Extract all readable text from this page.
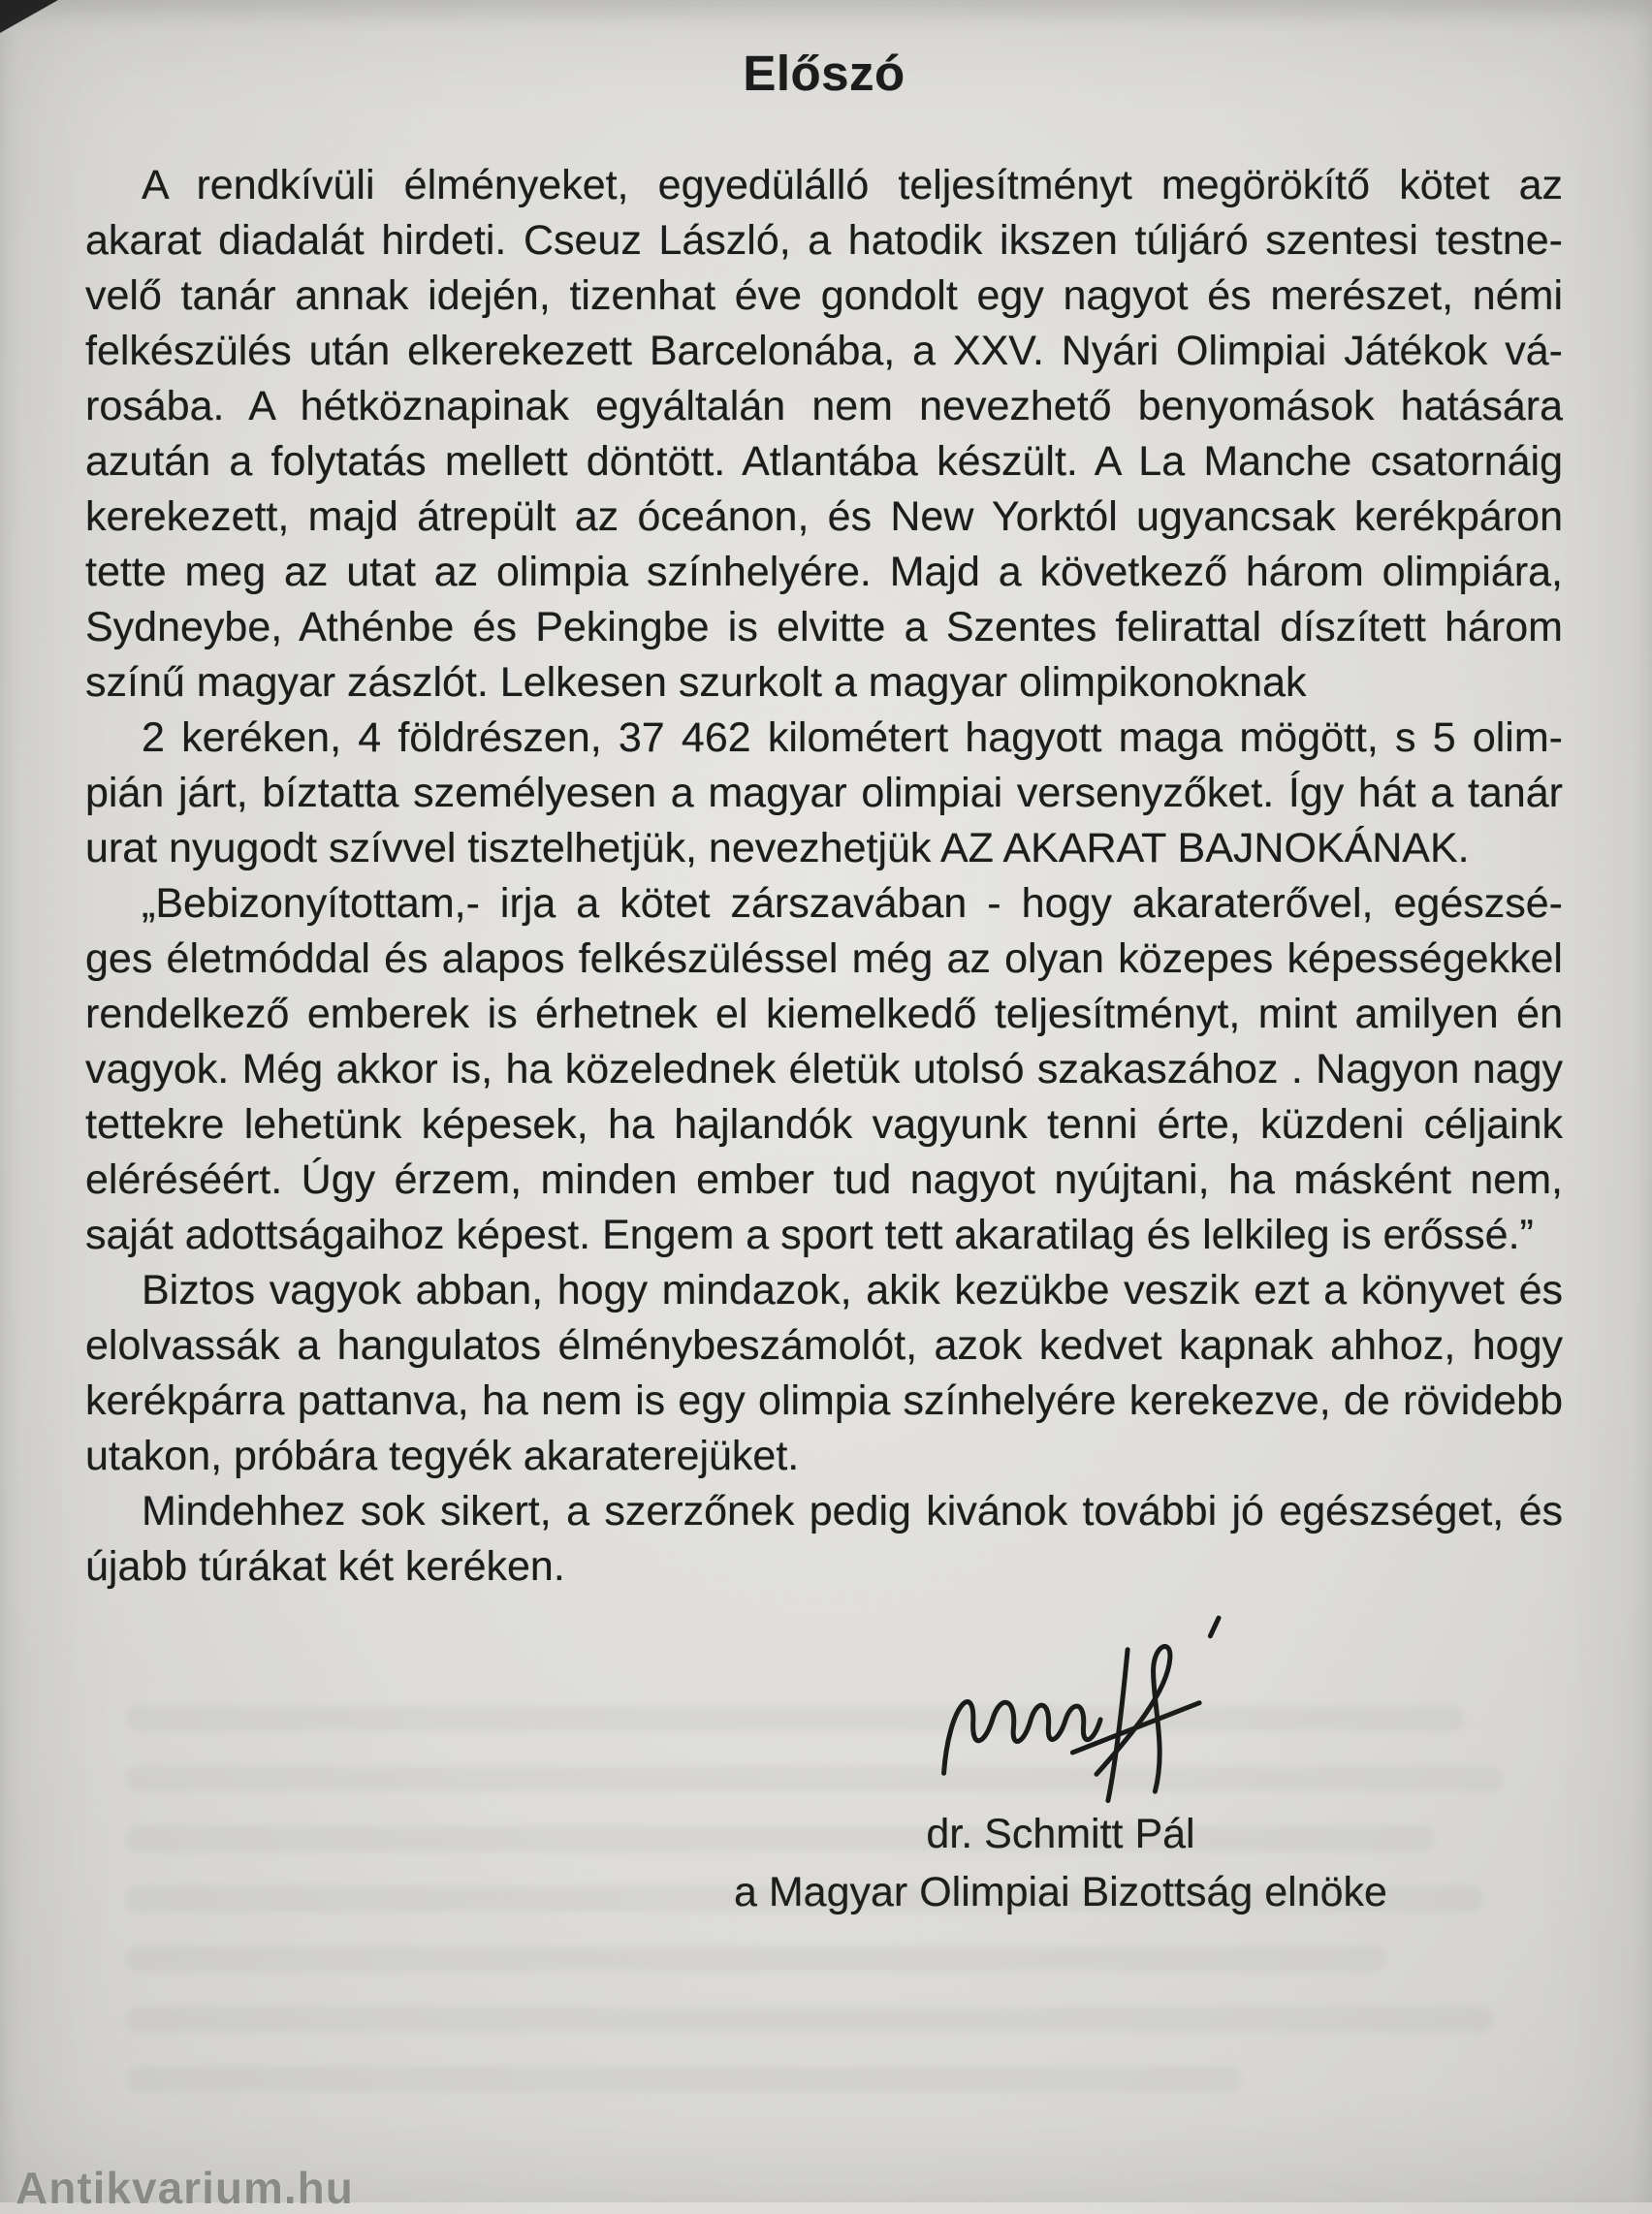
Előszó
A rendkívüli élményeket, egyedülálló teljesítményt megörökítő kötet az
akarat diadalát hirdeti. Cseuz László, a hatodik ikszen túljáró szentesi testne-
velő tanár annak idején, tizenhat éve gondolt egy nagyot és merészet, némi
felkészülés után elkerekezett Barcelonába, a XXV. Nyári Olimpiai Játékok vá-
rosába. A hétköznapinak egyáltalán nem nevezhető benyomások hatására
azután a folytatás mellett döntött. Atlantába készült. A La Manche csatornáig
kerekezett, majd átrepült az óceánon, és New Yorktól ugyancsak kerékpáron
tette meg az utat az olimpia színhelyére. Majd a következő három olimpiára,
Sydneybe, Athénbe és Pekingbe is elvitte a Szentes felirattal díszített három
színű magyar zászlót. Lelkesen szurkolt a magyar olimpikonoknak
2 keréken, 4 földrészen, 37 462 kilométert hagyott maga mögött, s 5 olim-
pián járt, bíztatta személyesen a magyar olimpiai versenyzőket. Így hát a tanár
urat nyugodt szívvel tisztelhetjük, nevezhetjük AZ AKARAT BAJNOKÁNAK.
„Bebizonyítottam,- irja a kötet zárszavában - hogy akaraterővel, egészsé-
ges életmóddal és alapos felkészüléssel még az olyan közepes képességekkel
rendelkező emberek is érhetnek el kiemelkedő teljesítményt, mint amilyen én
vagyok. Még akkor is, ha közelednek életük utolsó szakaszához . Nagyon nagy
tettekre lehetünk képesek, ha hajlandók vagyunk tenni érte, küzdeni céljaink
eléréséért. Úgy érzem, minden ember tud nagyot nyújtani, ha másként nem,
saját adottságaihoz képest. Engem a sport tett akaratilag és lelkileg is erőssé.”
Biztos vagyok abban, hogy mindazok, akik kezükbe veszik ezt a könyvet és
elolvassák a hangulatos élménybeszámolót, azok kedvet kapnak ahhoz, hogy
kerékpárra pattanva, ha nem is egy olimpia színhelyére kerekezve, de rövidebb
utakon, próbára tegyék akaraterejüket.
Mindehhez sok sikert, a szerzőnek pedig kivánok további jó egészséget, és
újabb túrákat két keréken.
dr. Schmitt Pál
a Magyar Olimpiai Bizottság elnöke
Antikvarium.hu
